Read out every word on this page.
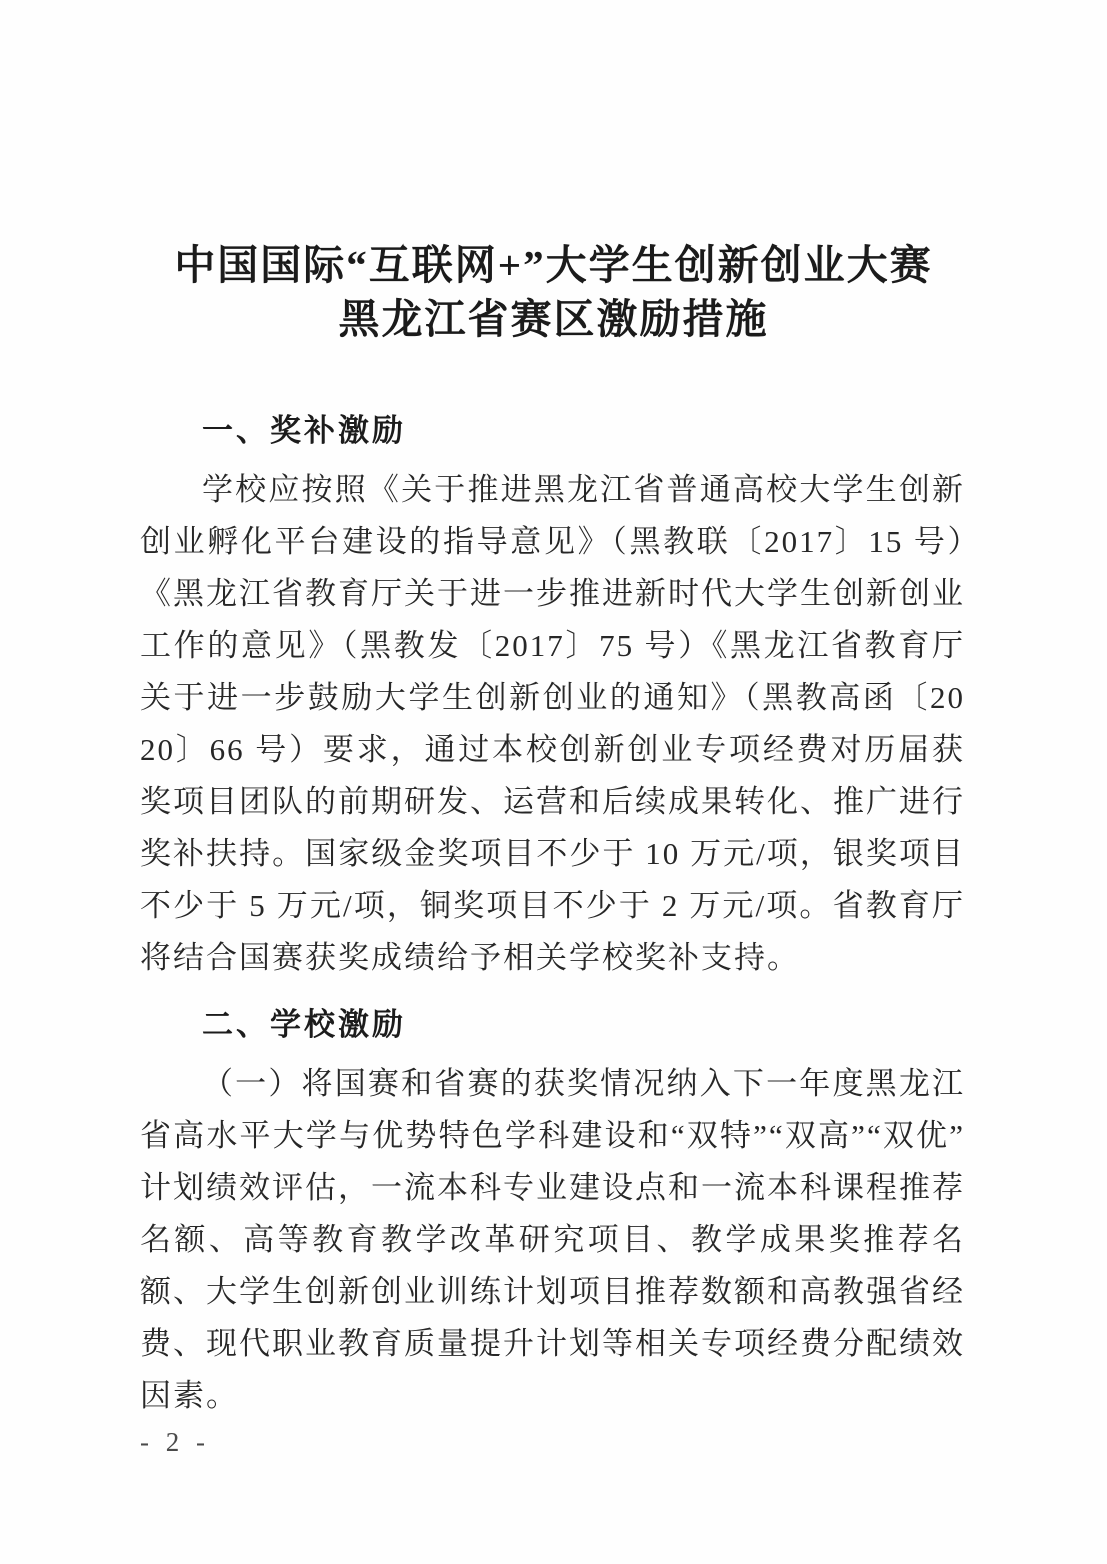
中国国际“互联网+”大学生创新创业大赛
黑龙江省赛区激励措施
一、奖补激励

学校应按照《关于推进黑龙江省普通高校大学生创新创业孵化平台建设的指导意见》（黑教联〔2017〕15 号）《黑龙江省教育厅关于进一步推进新时代大学生创新创业工作的意见》（黑教发〔2017〕75 号）《黑龙江省教育厅关于进一步鼓励大学生创新创业的通知》（黑教高函〔2020〕66 号）要求，通过本校创新创业专项经费对历届获奖项目团队的前期研发、运营和后续成果转化、推广进行奖补扶持。国家级金奖项目不少于 10 万元/项，银奖项目不少于 5 万元/项，铜奖项目不少于 2 万元/项。省教育厅将结合国赛获奖成绩给予相关学校奖补支持。

二、学校激励

（一）将国赛和省赛的获奖情况纳入下一年度黑龙江省高水平大学与优势特色学科建设和“双特”“双高”“双优”计划绩效评估，一流本科专业建设点和一流本科课程推荐名额、高等教育教学改革研究项目、教学成果奖推荐名额、大学生创新创业训练计划项目推荐数额和高教强省经费、现代职业教育质量提升计划等相关专项经费分配绩效因素。

- 2 -
